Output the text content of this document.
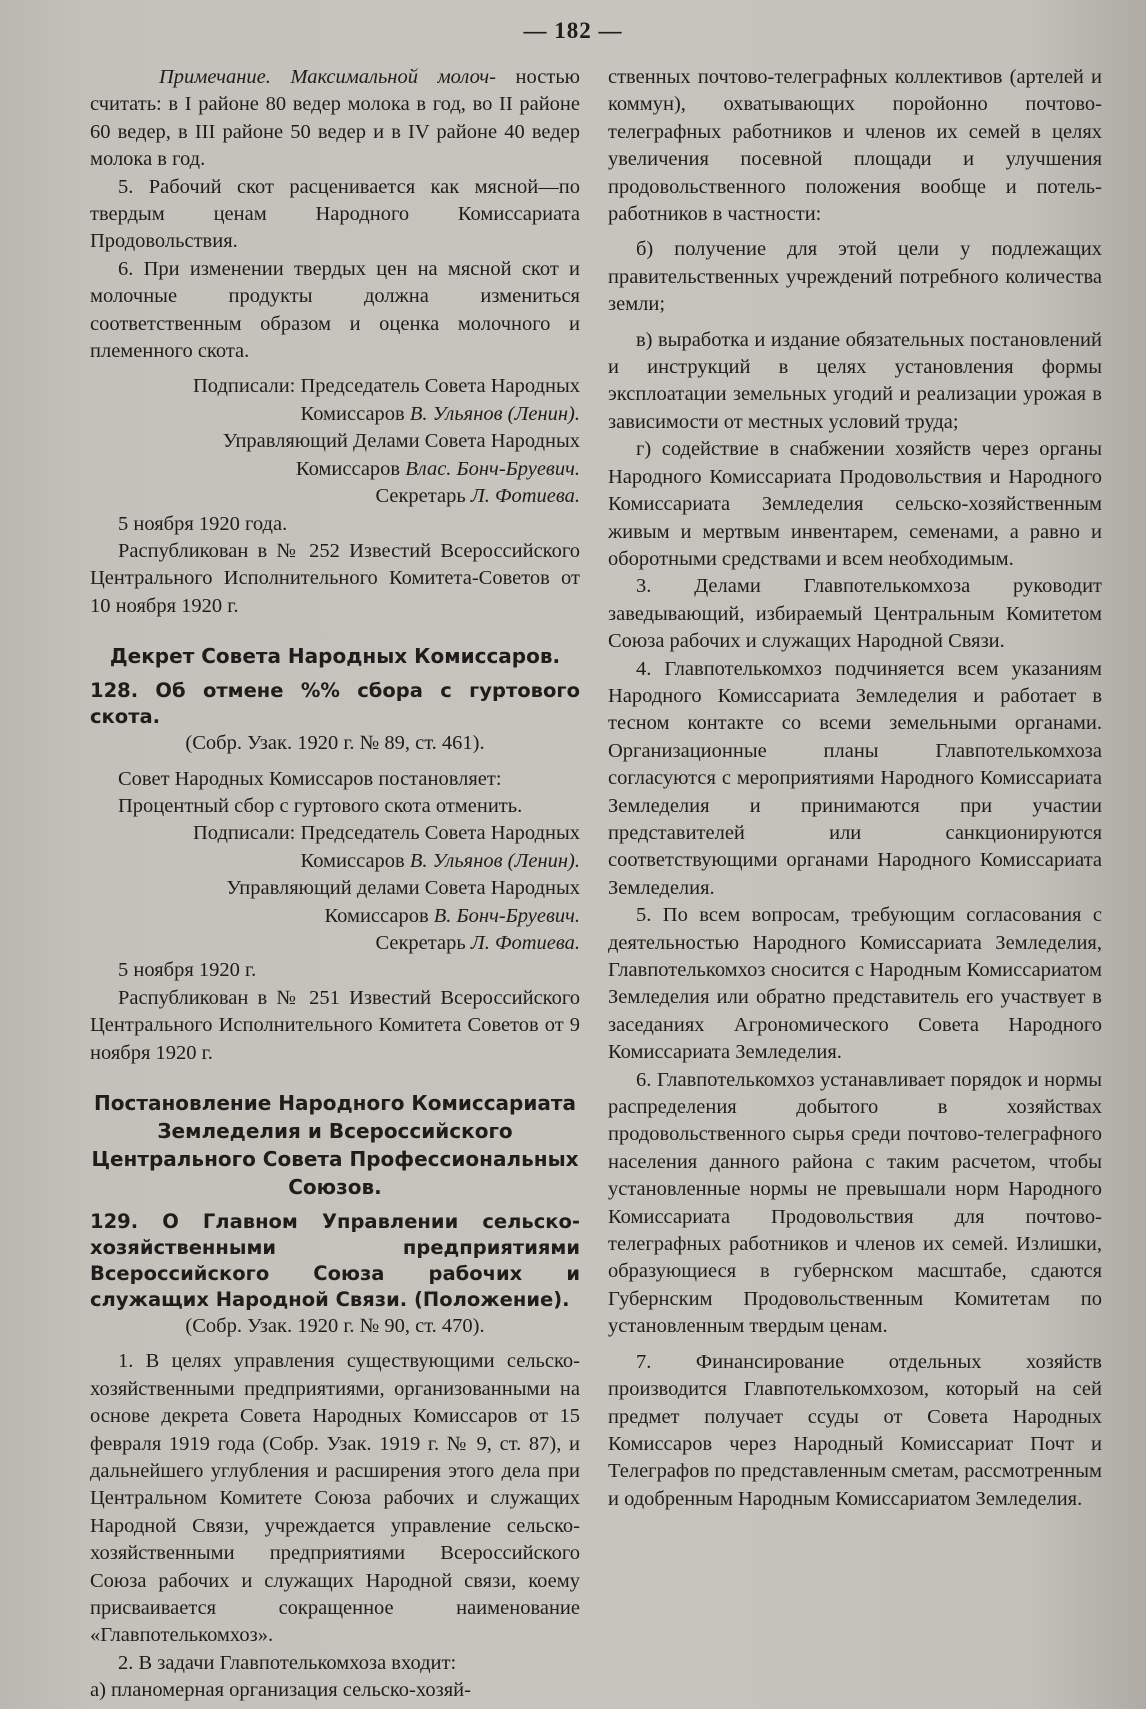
— 182 —

Примечание. Максимальной молоч- ностью считать: в I районе 80 ведер молока в год, во II районе 60 ведер, в III районе 50 ведер и в IV районе 40 ведер молока в год.

5. Рабочий скот расценивается как мясной—по твердым ценам Народного Комиссариата Продовольствия.

6. При изменении твердых цен на мясной скот и молочные продукты должна измениться соответственным образом и оценка молочного и племенного скота.

Подписали: Председатель Совета Народных

Комиссаров В. Ульянов (Ленин).

Управляющий Делами Совета Народных

Комиссаров Влас. Бонч-Бруевич.

Секретарь Л. Фотиева.

5 ноября 1920 года.

Распубликован в № 252 Известий Всероссийского Центрального Исполнительного Комитета-Советов от 10 ноября 1920 г.

Декрет Совета Народных Комиссаров.

128. Об отмене %% сбора с гуртового скота.

(Собр. Узак. 1920 г. № 89, ст. 461).

Совет Народных Комиссаров постановляет:

Процентный сбор с гуртового скота отменить.

Подписали: Председатель Совета Народных

Комиссаров В. Ульянов (Ленин).

Управляющий делами Совета Народных

Комиссаров В. Бонч-Бруевич.

Секретарь Л. Фотиева.

5 ноября 1920 г.

Распубликован в № 251 Известий Всероссийского Центрального Исполнительного Комитета Советов от 9 ноября 1920 г.

Постановление Народного Комиссариата Земледелия и Всероссийского Центрального Совета Профессиональных Союзов.

129. О Главном Управлении сельско-хозяйственными предприятиями Всероссийского Союза рабочих и служащих Народной Связи. (Положение).

(Собр. Узак. 1920 г. № 90, ст. 470).

1. В целях управления существующими сельско-хозяйственными предприятиями, организованными на основе декрета Совета Народных Комиссаров от 15 февраля 1919 года (Собр. Узак. 1919 г. № 9, ст. 87), и дальнейшего углубления и расширения этого дела при Центральном Комитете Союза рабочих и служащих Народной Связи, учреждается управление сельско-хозяйственными предприятиями Всероссийского Союза рабочих и служащих Народной связи, коему присваивается сокращенное наименование «Главпотелькомхоз».

2. В задачи Главпотелькомхоза входит:

а) планомерная организация сельско-хозяй-

ственных почтово-телеграфных коллективов (артелей и коммун), охватывающих поройонно почтово-телеграфных работников и членов их семей в целях увеличения посевной площади и улучшения продовольственного положения вообще и потель-работников в частности:

б) получение для этой цели у подлежащих правительственных учреждений потребного количества земли;

в) выработка и издание обязательных постановлений и инструкций в целях установления формы эксплоатации земельных угодий и реализации урожая в зависимости от местных условий труда;

г) содействие в снабжении хозяйств через органы Народного Комиссариата Продовольствия и Народного Комиссариата Земледелия сельско-хозяйственным живым и мертвым инвентарем, семенами, а равно и оборотными средствами и всем необходимым.

3. Делами Главпотелькомхоза руководит заведывающий, избираемый Центральным Комитетом Союза рабочих и служащих Народной Связи.

4. Главпотелькомхоз подчиняется всем указаниям Народного Комиссариата Земледелия и работает в тесном контакте со всеми земельными органами. Организационные планы Главпотелькомхоза согласуются с мероприятиями Народного Комиссариата Земледелия и принимаются при участии представителей или санкционируются соответствующими органами Народного Комиссариата Земледелия.

5. По всем вопросам, требующим согласования с деятельностью Народного Комиссариата Земледелия, Главпотелькомхоз сносится с Народным Комиссариатом Земледелия или обратно представитель его участвует в заседаниях Агрономического Совета Народного Комиссариата Земледелия.

6. Главпотелькомхоз устанавливает порядок и нормы распределения добытого в хозяйствах продовольственного сырья среди почтово-телеграфного населения данного района с таким расчетом, чтобы установленные нормы не превышали норм Народного Комиссариата Продовольствия для почтово-телеграфных работников и членов их семей. Излишки, образующиеся в губернском масштабе, сдаются Губернским Продовольственным Комитетам по установленным твердым ценам.

7. Финансирование отдельных хозяйств производится Главпотелькомхозом, который на сей предмет получает ссуды от Совета Народных Комиссаров через Народный Комиссариат Почт и Телеграфов по представленным сметам, рассмотренным и одобренным Народным Комиссариатом Земледелия.
